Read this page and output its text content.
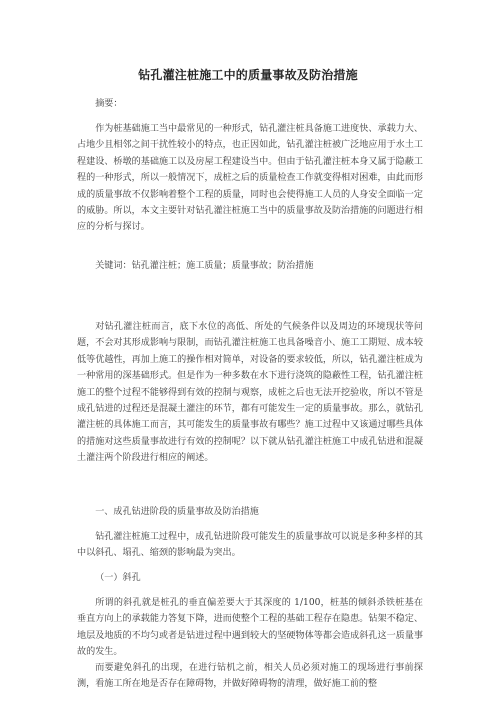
钻孔灌注桩施工中的质量事故及防治措施
摘要：
作为桩基础施工当中最常见的一种形式，钻孔灌注桩具备施工进度快、承载力大、占地少且相邻之间干扰性较小的特点，也正因如此，钻孔灌注桩被广泛地应用于水土工程建设、桥墩的基础施工以及房屋工程建设当中。但由于钻孔灌注桩本身又属于隐蔽工程的一种形式，所以一般情况下，成桩之后的质量检查工作就变得相对困难，由此而形成的质量事故不仅影响着整个工程的质量，同时也会使得施工人员的人身安全面临一定的威胁。所以，本文主要针对钻孔灌注桩施工当中的质量事故及防治措施的问题进行相应的分析与探讨。
关键词：钻孔灌注桩；施工质量；质量事故；防治措施
对钻孔灌注桩而言，底下水位的高低、所处的气候条件以及周边的环境现状等问题，不会对其形成影响与限制，而钻孔灌注桩施工也具备噪音小、施工工期短、成本较低等优越性，再加上施工的操作相对简单，对设备的要求较低，所以，钻孔灌注桩成为一种常用的深基础形式。但是作为一种多数在水下进行浇筑的隐蔽性工程，钻孔灌注桩施工的整个过程不能够得到有效的控制与观察，成桩之后也无法开挖验收，所以不管是成孔钻进的过程还是混凝土灌注的环节，都有可能发生一定的质量事故。那么，就钻孔灌注桩的具体施工而言，其可能发生的质量事故有哪些？施工过程中又该通过哪些具体的措施对这些质量事故进行有效的控制呢？以下就从钻孔灌注桩施工中成孔钻进和混凝土灌注两个阶段进行相应的阐述。
一、成孔钻进阶段的质量事故及防治措施
钻孔灌注桩施工过程中，成孔钻进阶段可能发生的质量事故可以说是多种多样的其中以斜孔、塌孔、缩颈的影响最为突出。
（一）斜孔
所谓的斜孔就是桩孔的垂直偏差要大于其深度的 1/100，桩基的倾斜杀铁桩基在垂直方向上的承载能力答复下降，进而使整个工程的基础工程存在隐患。钻架不稳定、地层及地质的不均匀或者是钻进过程中遇到较大的坚硬物体等都会造成斜孔这一质量事故的发生。
而要避免斜孔的出现，在进行钻机之前，相关人员必须对施工的现场进行事前探测，看施工所在地是否存在障碍物，并做好障碍物的清理，做好施工前的整
